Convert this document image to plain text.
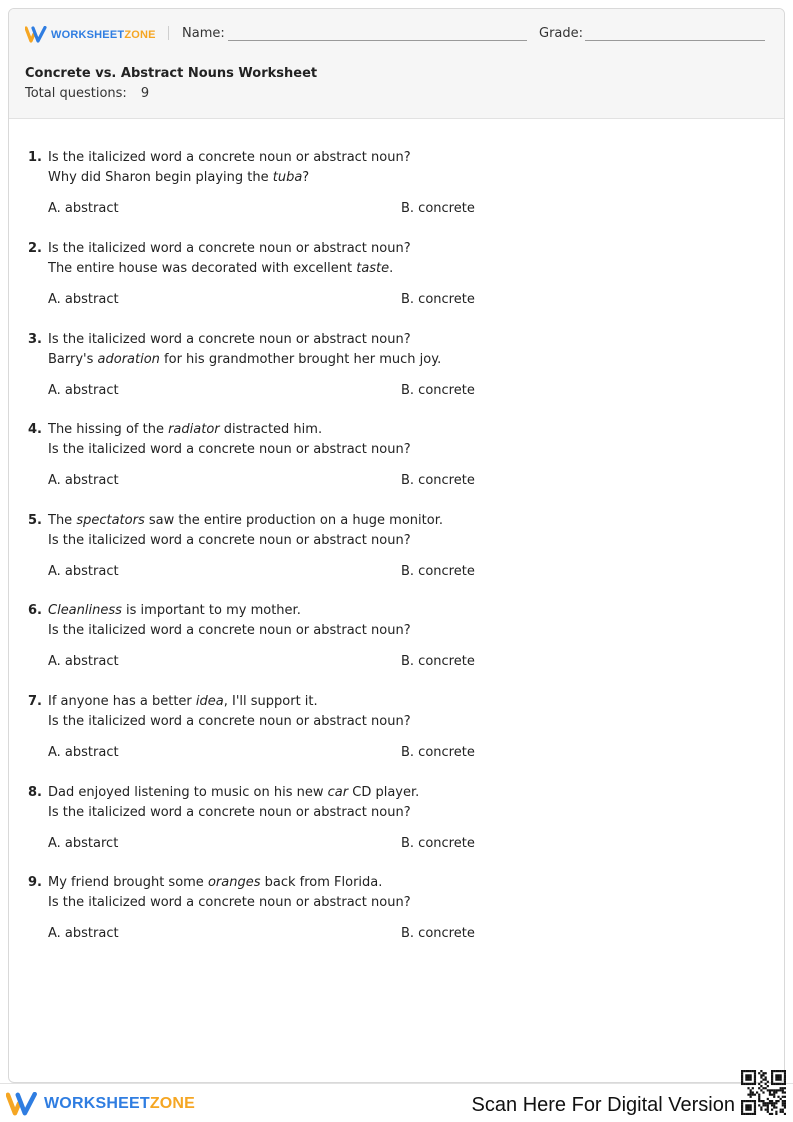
WORKSHEETZONE Name:	Grade:
Concrete vs. Abstract Nouns Worksheet
Total questions: 9
1. Is the italicized word a concrete noun or abstract noun?
Why did Sharon begin playing the tuba?
A. abstract	B. concrete
2. Is the italicized word a concrete noun or abstract noun?
The entire house was decorated with excellent taste.
A. abstract	B. concrete
3. Is the italicized word a concrete noun or abstract noun?
Barry's adoration for his grandmother brought her much joy.
A. abstract	B. concrete
4. The hissing of the radiator distracted him.
Is the italicized word a concrete noun or abstract noun?
A. abstract	B. concrete
5. The spectators saw the entire production on a huge monitor.
Is the italicized word a concrete noun or abstract noun?
A. abstract	B. concrete
6. Cleanliness is important to my mother.
Is the italicized word a concrete noun or abstract noun?
A. abstract	B. concrete
7. If anyone has a better idea, I'll support it.
Is the italicized word a concrete noun or abstract noun?
A. abstract	B. concrete
8. Dad enjoyed listening to music on his new car CD player.
Is the italicized word a concrete noun or abstract noun?
A. abstarct	B. concrete
9. My friend brought some oranges back from Florida.
Is the italicized word a concrete noun or abstract noun?
A. abstract	B. concrete
WORKSHEETZONE	Scan Here For Digital Version
